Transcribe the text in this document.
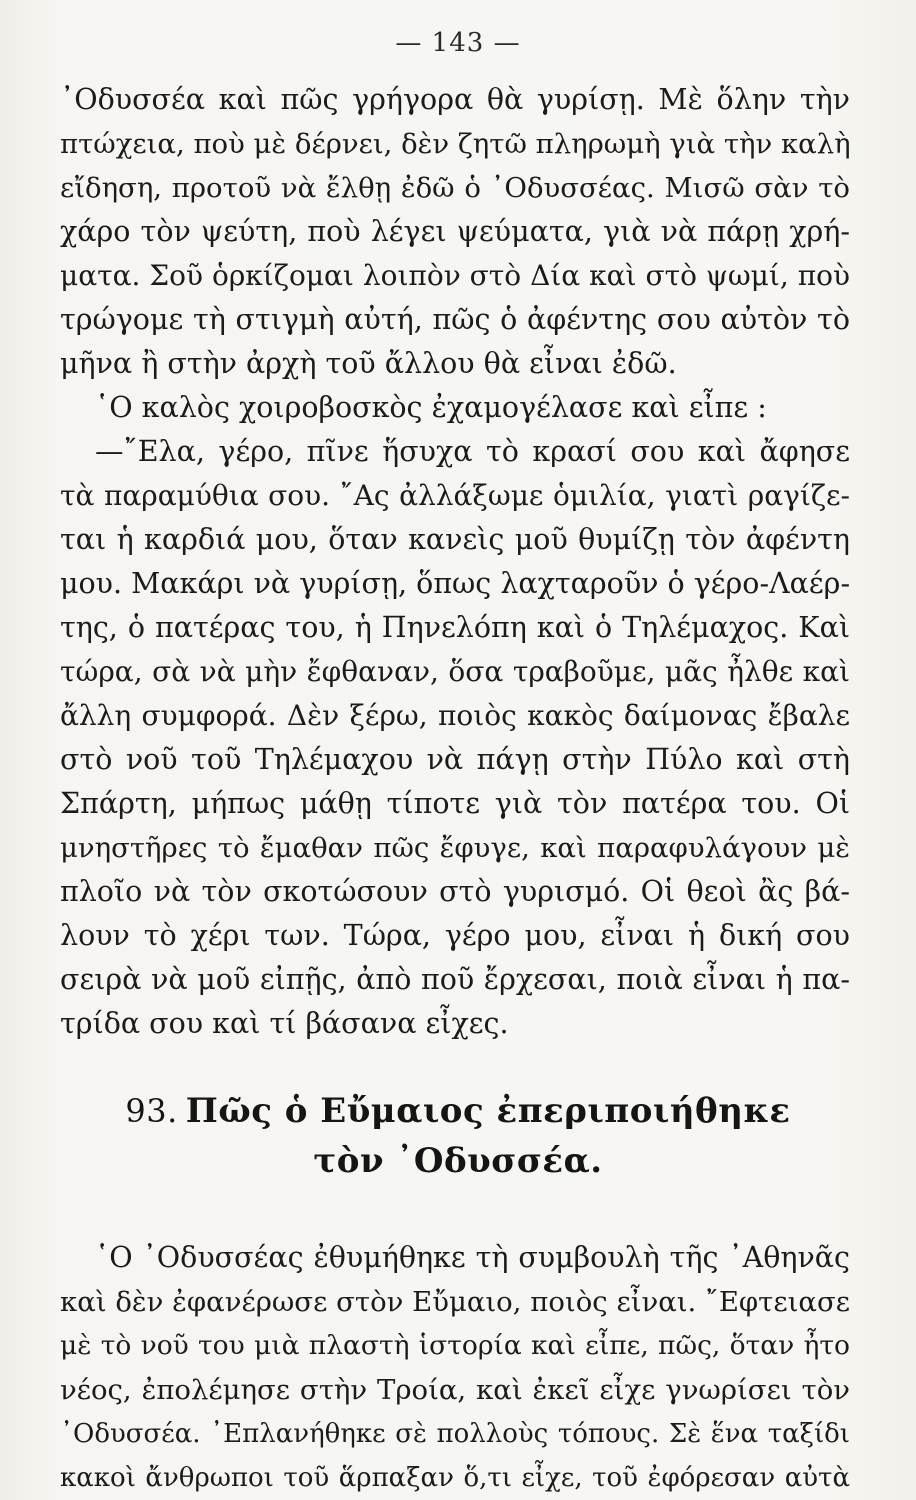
— 143 —
᾿Οδυσσέα καὶ πῶς γρήγορα θὰ γυρίσῃ. Μὲ ὅλην τὴν
πτώχεια, ποὺ μὲ δέρνει, δὲν ζητῶ πληρωμὴ γιὰ τὴν καλὴ
εἴδηση, προτοῦ νὰ ἔλθῃ ἐδῶ ὁ ᾿Οδυσσέας. Μισῶ σὰν τὸ
χάρο τὸν ψεύτη, ποὺ λέγει ψεύματα, γιὰ νὰ πάρῃ χρή-
ματα. Σοῦ ὁρκίζομαι λοιπὸν στὸ Δία καὶ στὸ ψωμί, ποὺ
τρώγομε τὴ στιγμὴ αὐτή, πῶς ὁ ἀφέντης σου αὐτὸν τὸ
μῆνα ἢ στὴν ἀρχὴ τοῦ ἄλλου θὰ εἶναι ἐδῶ.
῾Ο καλὸς χοιροβοσκὸς ἐχαμογέλασε καὶ εἶπε :
—῎Ελα, γέρο, πῖνε ἥσυχα τὸ κρασί σου καὶ ἄφησε
τὰ παραμύθια σου. ῎Ας ἀλλάξωμε ὁμιλία, γιατὶ ραγίζε-
ται ἡ καρδιά μου, ὅταν κανεὶς μοῦ θυμίζῃ τὸν ἀφέντη
μου. Μακάρι νὰ γυρίσῃ, ὅπως λαχταροῦν ὁ γέρο-Λαέρ-
της, ὁ πατέρας του, ἡ Πηνελόπη καὶ ὁ Τηλέμαχος. Καὶ
τώρα, σὰ νὰ μὴν ἔφθαναν, ὅσα τραβοῦμε, μᾶς ἦλθε καὶ
ἄλλη συμφορά. Δὲν ξέρω, ποιὸς κακὸς δαίμονας ἔβαλε
στὸ νοῦ τοῦ Τηλέμαχου νὰ πάγῃ στὴν Πύλο καὶ στὴ
Σπάρτη, μήπως μάθῃ τίποτε γιὰ τὸν πατέρα του. Οἱ
μνηστῆρες τὸ ἔμαθαν πῶς ἔφυγε, καὶ παραφυλάγουν μὲ
πλοῖο νὰ τὸν σκοτώσουν στὸ γυρισμό. Οἱ θεοὶ ἂς βά-
λουν τὸ χέρι των. Τώρα, γέρο μου, εἶναι ἡ δική σου
σειρὰ νὰ μοῦ εἰπῇς, ἀπὸ ποῦ ἔρχεσαι, ποιὰ εἶναι ἡ πα-
τρίδα σου καὶ τί βάσανα εἶχες.
93. Πῶς ὁ Εὔμαιος ἐπεριποιήθηκε
τὸν ᾿Οδυσσέα.
῾Ο ᾿Οδυσσέας ἐθυμήθηκε τὴ συμβουλὴ τῆς ᾿Αθηνᾶς
καὶ δὲν ἐφανέρωσε στὸν Εὔμαιο, ποιὸς εἶναι. ῎Εφτειασε
μὲ τὸ νοῦ του μιὰ πλαστὴ ἱστορία καὶ εἶπε, πῶς, ὅταν ἦτο
νέος, ἐπολέμησε στὴν Τροία, καὶ ἐκεῖ εἶχε γνωρίσει τὸν
᾿Οδυσσέα. ᾿Επλανήθηκε σὲ πολλοὺς τόπους. Σὲ ἕνα ταξίδι
κακοὶ ἄνθρωποι τοῦ ἅρπαξαν ὅ,τι εἶχε, τοῦ ἐφόρεσαν αὐτὰ
